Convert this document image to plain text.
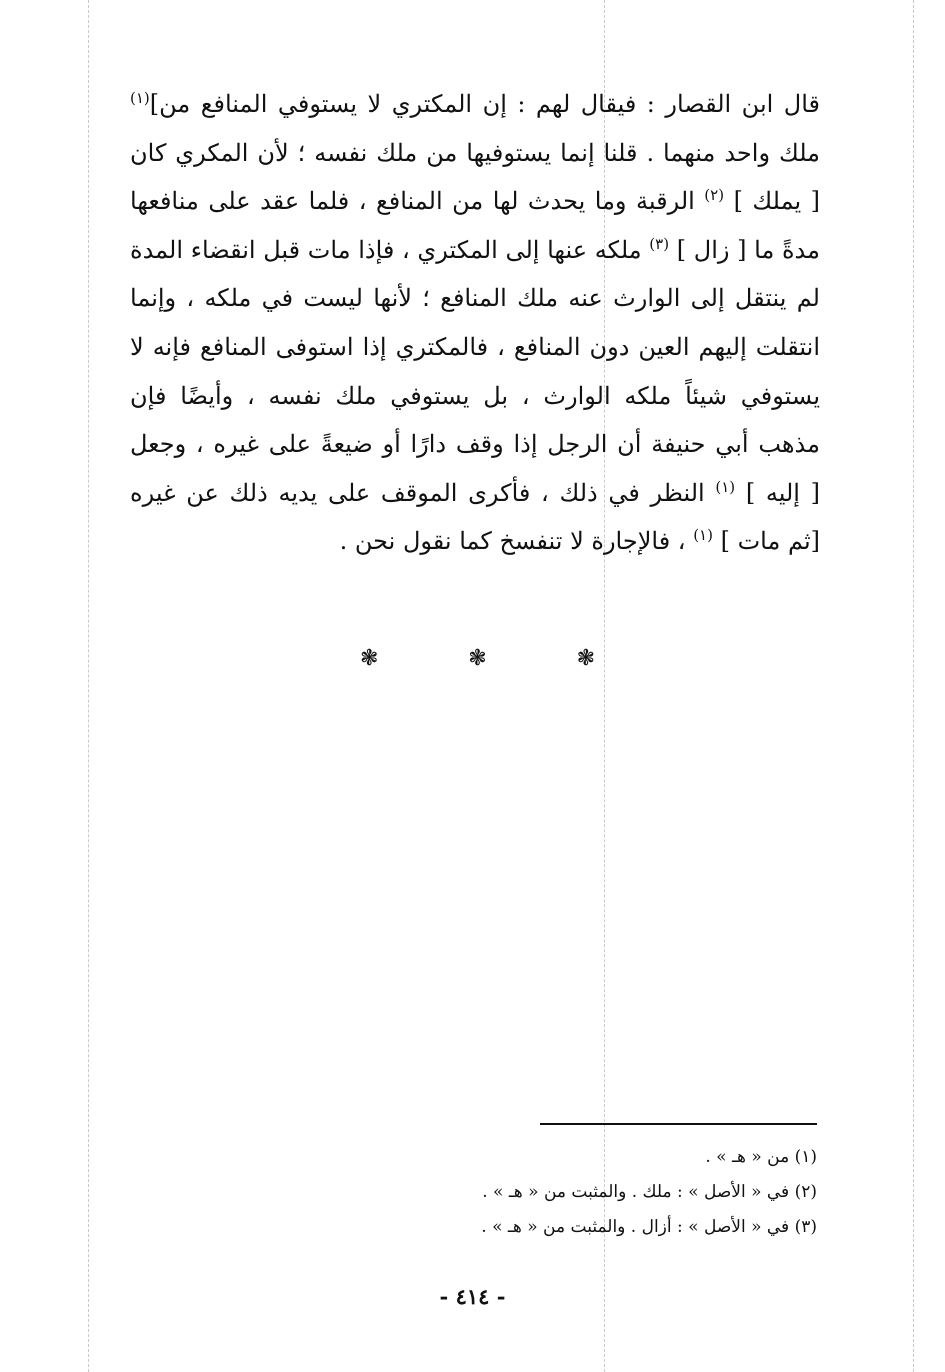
قال ابن القصار : فيقال لهم : إن المكتري لا يستوفي المنافع من]$^{(١)}$
ملك واحد منهما . قلنا إنما يستوفيها من ملك نفسه ؛ لأن المكري كان
[ يملك ] $^{(٢)}$ الرقبة وما يحدث لها من المنافع ، فلما عقد على منافعها
مدةً ما [ زال ] $^{(٣)}$ ملكه عنها إلى المكتري ، فإذا مات قبل انقضاء المدة
لم ينتقل إلى الوارث عنه ملك المنافع ؛ لأنها ليست في ملكه ، وإنما
انتقلت إليهم العين دون المنافع ، فالمكتري إذا استوفى المنافع فإنه لا
يستوفي شيئاً ملكه الوارث ، بل يستوفي ملك نفسه ، وأيضًا فإن
مذهب أبي حنيفة أن الرجل إذا وقف دارًا أو ضيعةً على غيره ، وجعل
[ إليه ] $^{(١)}$ النظر في ذلك ، فأكرى الموقف على يديه ذلك عن غيره
[ثم مات ] $^{(١)}$ ، فالإجارة لا تنفسخ كما نقول نحن .
❃	❃	❃
(١) من « هـ » .
(٢) في « الأصل » : ملك . والمثبت من « هـ » .
(٣) في « الأصل » : أزال . والمثبت من « هـ » .
- ٤١٤ -
